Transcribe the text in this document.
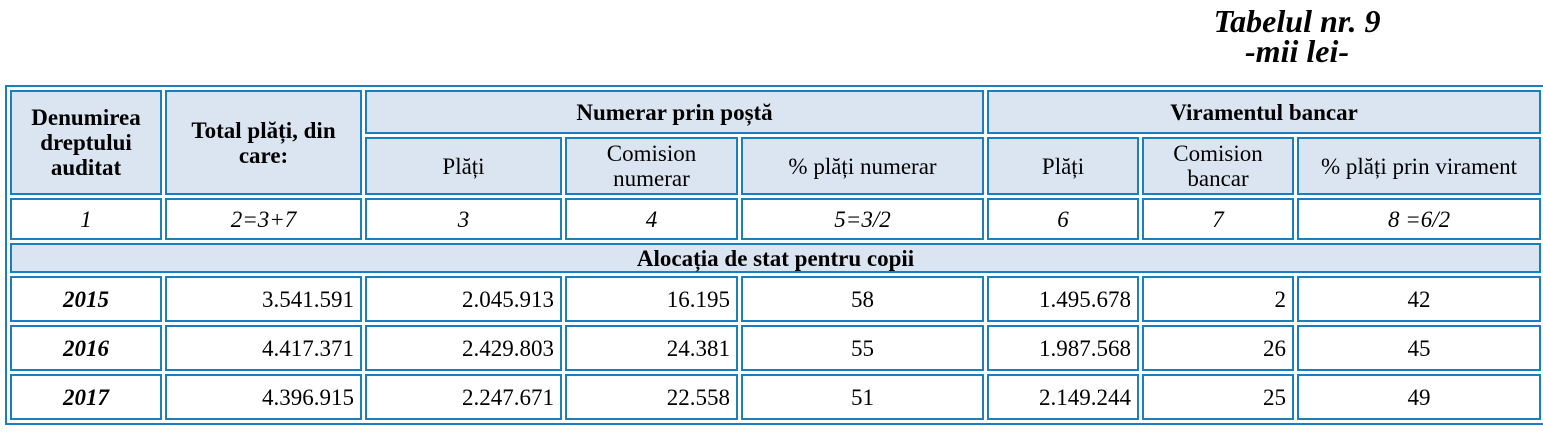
Tabelul nr. 9
-mii lei-
Denumirea dreptului auditat	Total plăți, din care:	Numerar prin poștă			Viramentul bancar		
		Plăți	Comision numerar	% plăți numerar	Plăți	Comision bancar	% plăți prin virament
1	2=3+7	3	4	5=3/2	6	7	8 =6/2
Alocația de stat pentru copii							
2015	3.541.591	2.045.913	16.195	58	1.495.678	2	42
2016	4.417.371	2.429.803	24.381	55	1.987.568	26	45
2017	4.396.915	2.247.671	22.558	51	2.149.244	25	49
